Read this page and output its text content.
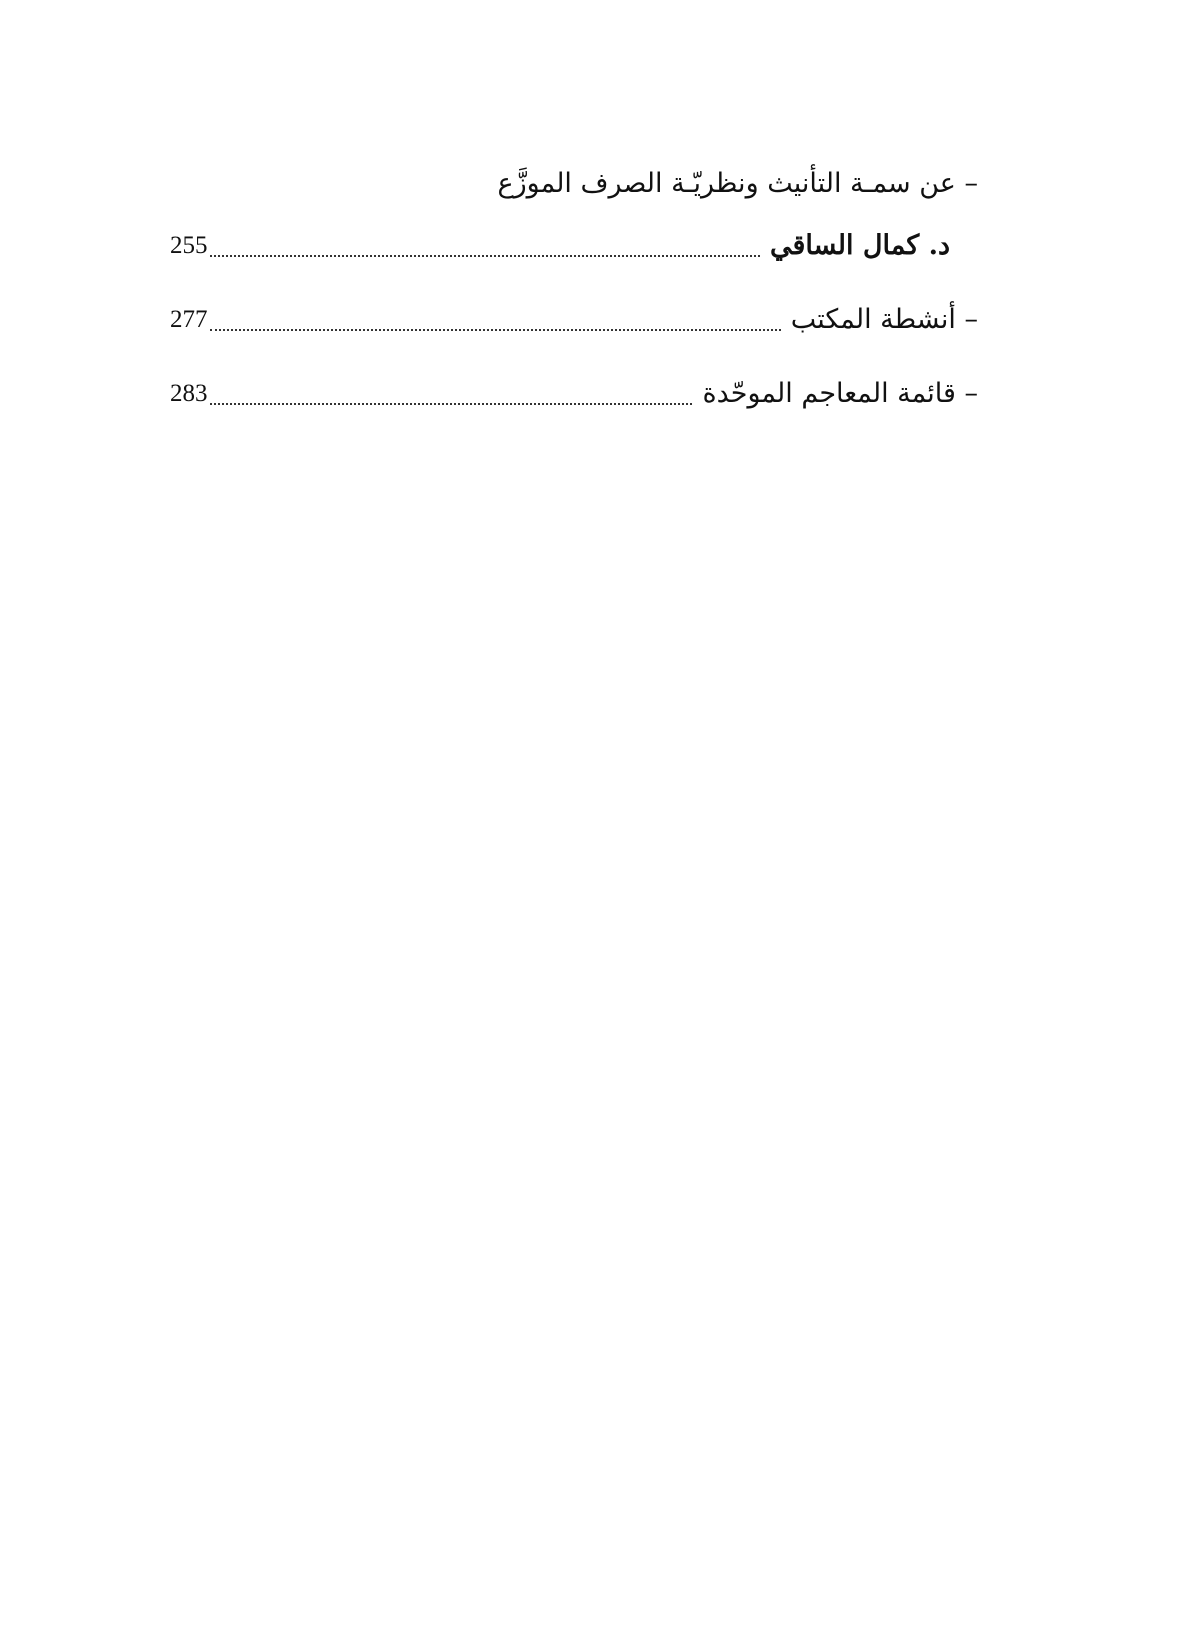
– عن سمـة التأنيث ونظريّـة الصرف الموزَّع
د. كمال الساقي
255
– أنشطة المكتب
277
– قائمة المعاجم الموحّدة
283
